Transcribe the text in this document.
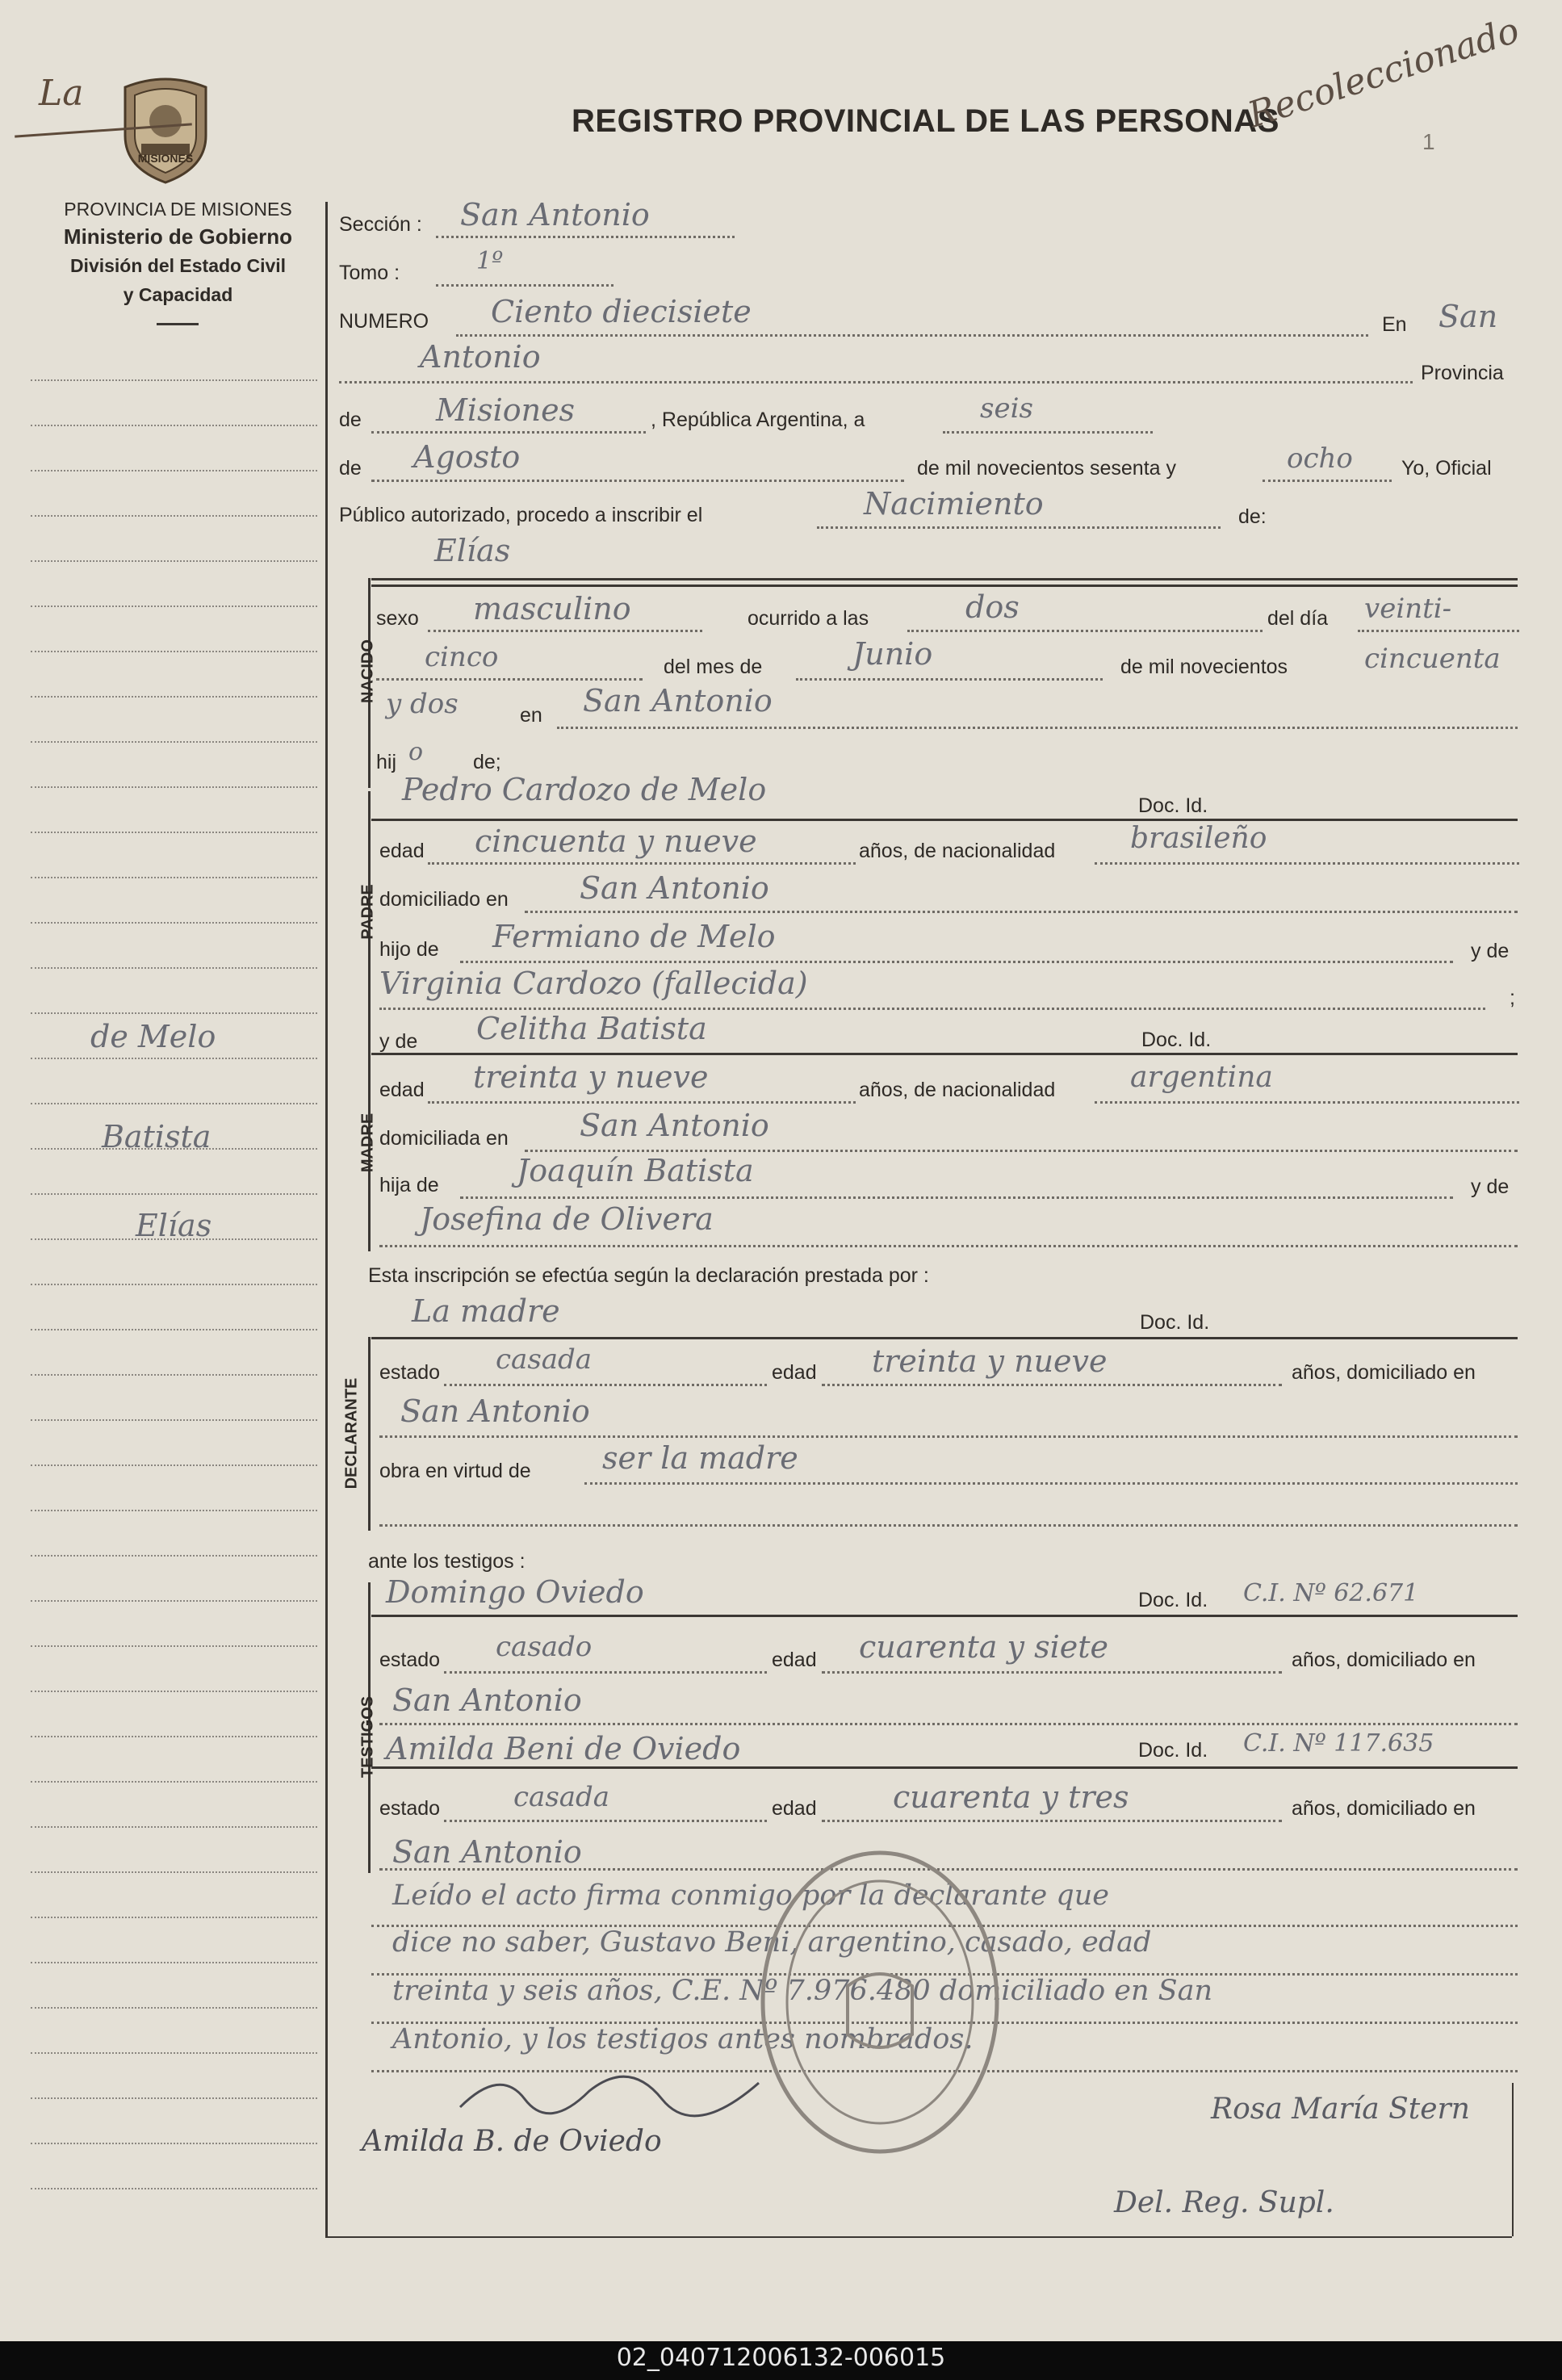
MISIONES
La
REGISTRO PROVINCIAL DE LAS PERSONAS
Recoleccionado
1
PROVINCIA DE MISIONES
Ministerio de Gobierno
División del Estado Civil
y Capacidad
de Melo
Batista
Elías
Sección : San Antonio
Tomo :	1º
NUMERO Ciento diecisiete	En San
Antonio	Provincia
de Misiones	, República Argentina, a	seis
de Agosto	de mil novecientos sesenta y	ocho Yo, Oficial
Público autorizado, procedo a inscribir el	Nacimiento	de:
Elías
NACIDO
sexo masculino	ocurrido a las	dos	del día veinti-
cinco	del mes de	Junio	de mil novecientos	cincuenta
y dos	en San Antonio
hij o de;
PADRE
Pedro Cardozo de Melo	Doc. Id.
edad cincuenta y nueve	años, de nacionalidad	brasileño
domiciliado en San Antonio
hijo de Fermiano de Melo	y de
Virginia Cardozo (fallecida)	;
MADRE
y de Celitha Batista	Doc. Id.
edad treinta y nueve	años, de nacionalidad	argentina
domiciliada en San Antonio
hija de	Joaquín Batista	y de
Josefina de Olivera
Esta inscripción se efectúa según la declaración prestada por :
La madre	Doc. Id.
DECLARANTE
estado casada	edad treinta y nueve	años, domiciliado en
San Antonio
obra en virtud de ser la madre
ante los testigos :
TESTIGOS
Domingo Oviedo	Doc. Id. C.I. Nº 62.671
estado casado	edad cuarenta y siete	años, domiciliado en
San Antonio
Amilda Beni de Oviedo	Doc. Id. C.I. Nº 117.635
estado	casada	edad cuarenta y tres	años, domiciliado en
San Antonio
Leído el acto firma conmigo por la declarante que
dice no saber, Gustavo Beni, argentino, casado, edad
treinta y seis años, C.E. Nº 7.976.480 domiciliado en San
Antonio, y los testigos antes nombrados.
Amilda B. de Oviedo
Rosa María Stern
Del. Reg. Supl.
02_040712006132-006015
